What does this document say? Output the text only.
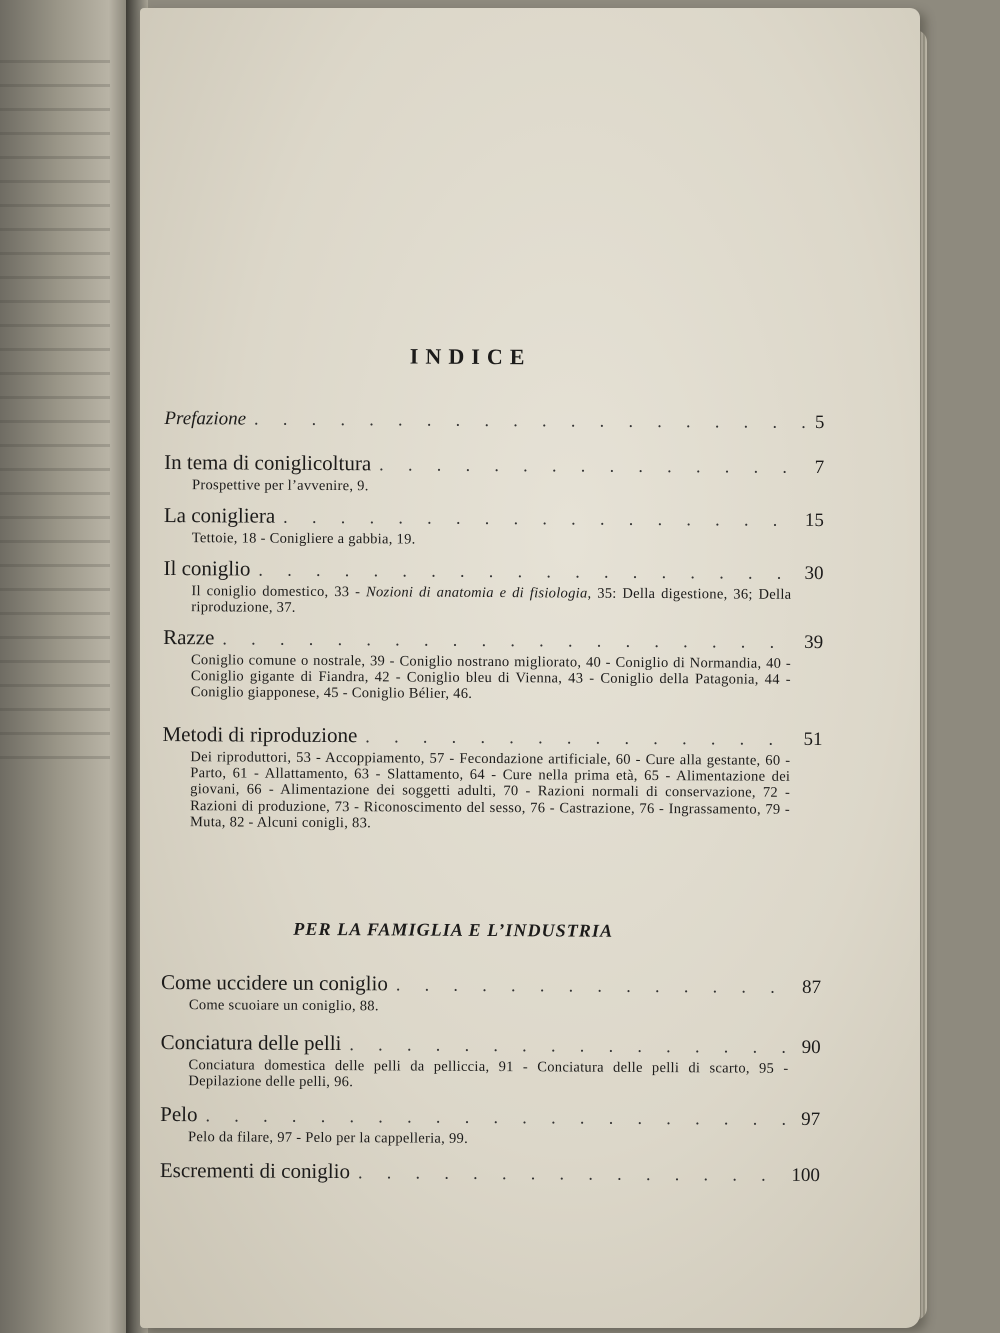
INDICE
Prefazione . . .	5
In tema di coniglicoltura . . .	7
Prospettive per l’avvenire, 9.
La conigliera . . .	15
Tettoie, 18 - Conigliere a gabbia, 19.
Il coniglio . . .	30
Il coniglio domestico, 33 - Nozioni di anatomia e di fisiologia, 35: Della digestione, 36; Della riproduzione, 37.
Razze . . .	39
Coniglio comune o nostrale, 39 - Coniglio nostrano migliorato, 40 - Coniglio di Normandia, 40 - Coniglio gigante di Fiandra, 42 - Coniglio bleu di Vienna, 43 - Coniglio della Patagonia, 44 - Coniglio giapponese, 45 - Coniglio Bélier, 46.
Metodi di riproduzione . . .	51
Dei riproduttori, 53 - Accoppiamento, 57 - Fecondazione artificiale, 60 - Cure alla gestante, 60 - Parto, 61 - Allattamento, 63 - Slattamento, 64 - Cure nella prima età, 65 - Alimentazione dei giovani, 66 - Alimentazione dei soggetti adulti, 70 - Razioni normali di conservazione, 72 - Razioni di produzione, 73 - Riconoscimento del sesso, 76 - Castrazione, 76 - Ingrassamento, 79 - Muta, 82 - Alcuni conigli, 83.
PER LA FAMIGLIA E L’INDUSTRIA
Come uccidere un coniglio . . .	87
Come scuoiare un coniglio, 88.
Conciatura delle pelli . . .	90
Conciatura domestica delle pelli da pelliccia, 91 - Conciatura delle pelli di scarto, 95 - Depilazione delle pelli, 96.
Pelo . . .	97
Pelo da filare, 97 - Pelo per la cappelleria, 99.
Escrementi di coniglio . . .	100
